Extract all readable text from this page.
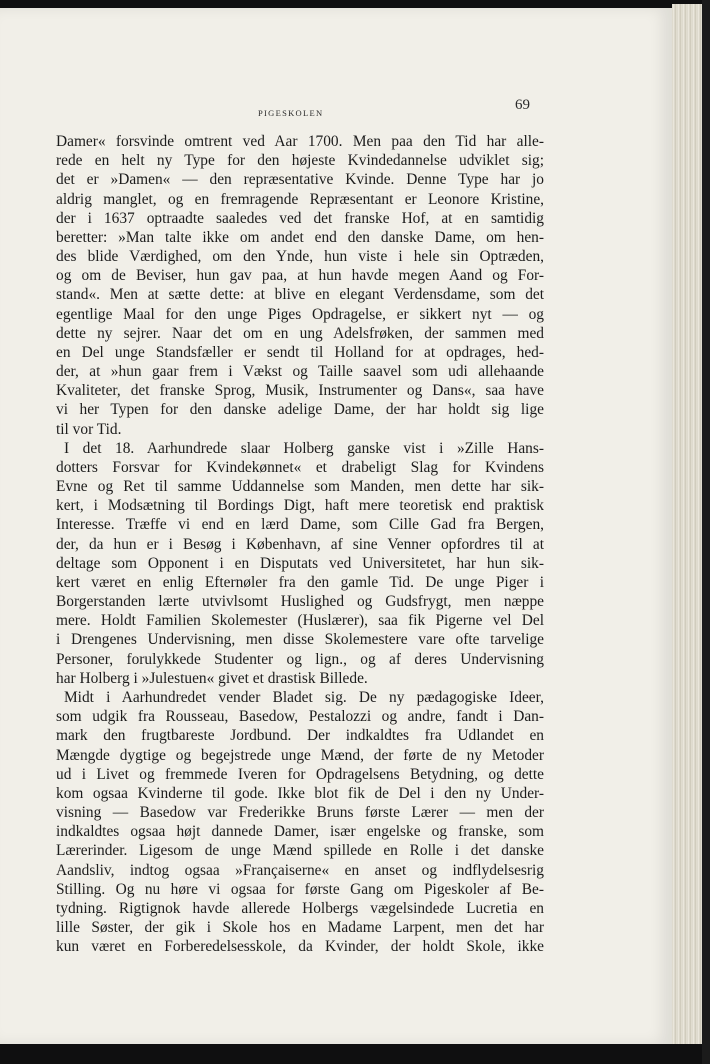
PIGESKOLEN	69
Damer« forsvinde omtrent ved Aar 1700. Men paa den Tid har alle-
rede en helt ny Type for den højeste Kvindedannelse udviklet sig;
det er »Damen« — den repræsentative Kvinde. Denne Type har jo
aldrig manglet, og en fremragende Repræsentant er Leonore Kristine,
der i 1637 optraadte saaledes ved det franske Hof, at en samtidig
beretter: »Man talte ikke om andet end den danske Dame, om hen-
des blide Værdighed, om den Ynde, hun viste i hele sin Optræden,
og om de Beviser, hun gav paa, at hun havde megen Aand og For-
stand«. Men at sætte dette: at blive en elegant Verdensdame, som det
egentlige Maal for den unge Piges Opdragelse, er sikkert nyt — og
dette ny sejrer. Naar det om en ung Adelsfrøken, der sammen med
en Del unge Standsfæller er sendt til Holland for at opdrages, hed-
der, at »hun gaar frem i Vækst og Taille saavel som udi allehaande
Kvaliteter, det franske Sprog, Musik, Instrumenter og Dans«, saa have
vi her Typen for den danske adelige Dame, der har holdt sig lige
til vor Tid.
I det 18. Aarhundrede slaar Holberg ganske vist i »Zille Hans-
dotters Forsvar for Kvindekønnet« et drabeligt Slag for Kvindens
Evne og Ret til samme Uddannelse som Manden, men dette har sik-
kert, i Modsætning til Bordings Digt, haft mere teoretisk end praktisk
Interesse. Træffe vi end en lærd Dame, som Cille Gad fra Bergen,
der, da hun er i Besøg i København, af sine Venner opfordres til at
deltage som Opponent i en Disputats ved Universitetet, har hun sik-
kert været en enlig Efternøler fra den gamle Tid. De unge Piger i
Borgerstanden lærte utvivlsomt Huslighed og Gudsfrygt, men næppe
mere. Holdt Familien Skolemester (Huslærer), saa fik Pigerne vel Del
i Drengenes Undervisning, men disse Skolemestere vare ofte tarvelige
Personer, forulykkede Studenter og lign., og af deres Undervisning
har Holberg i »Julestuen« givet et drastisk Billede.
Midt i Aarhundredet vender Bladet sig. De ny pædagogiske Ideer,
som udgik fra Rousseau, Basedow, Pestalozzi og andre, fandt i Dan-
mark den frugtbareste Jordbund. Der indkaldtes fra Udlandet en
Mængde dygtige og begejstrede unge Mænd, der førte de ny Metoder
ud i Livet og fremmede Iveren for Opdragelsens Betydning, og dette
kom ogsaa Kvinderne til gode. Ikke blot fik de Del i den ny Under-
visning — Basedow var Frederikke Bruns første Lærer — men der
indkaldtes ogsaa højt dannede Damer, især engelske og franske, som
Lærerinder. Ligesom de unge Mænd spillede en Rolle i det danske
Aandsliv, indtog ogsaa »Françaiserne« en anset og indflydelsesrig
Stilling. Og nu høre vi ogsaa for første Gang om Pigeskoler af Be-
tydning. Rigtignok havde allerede Holbergs vægelsindede Lucretia en
lille Søster, der gik i Skole hos en Madame Larpent, men det har
kun været en Forberedelsesskole, da Kvinder, der holdt Skole, ikke
